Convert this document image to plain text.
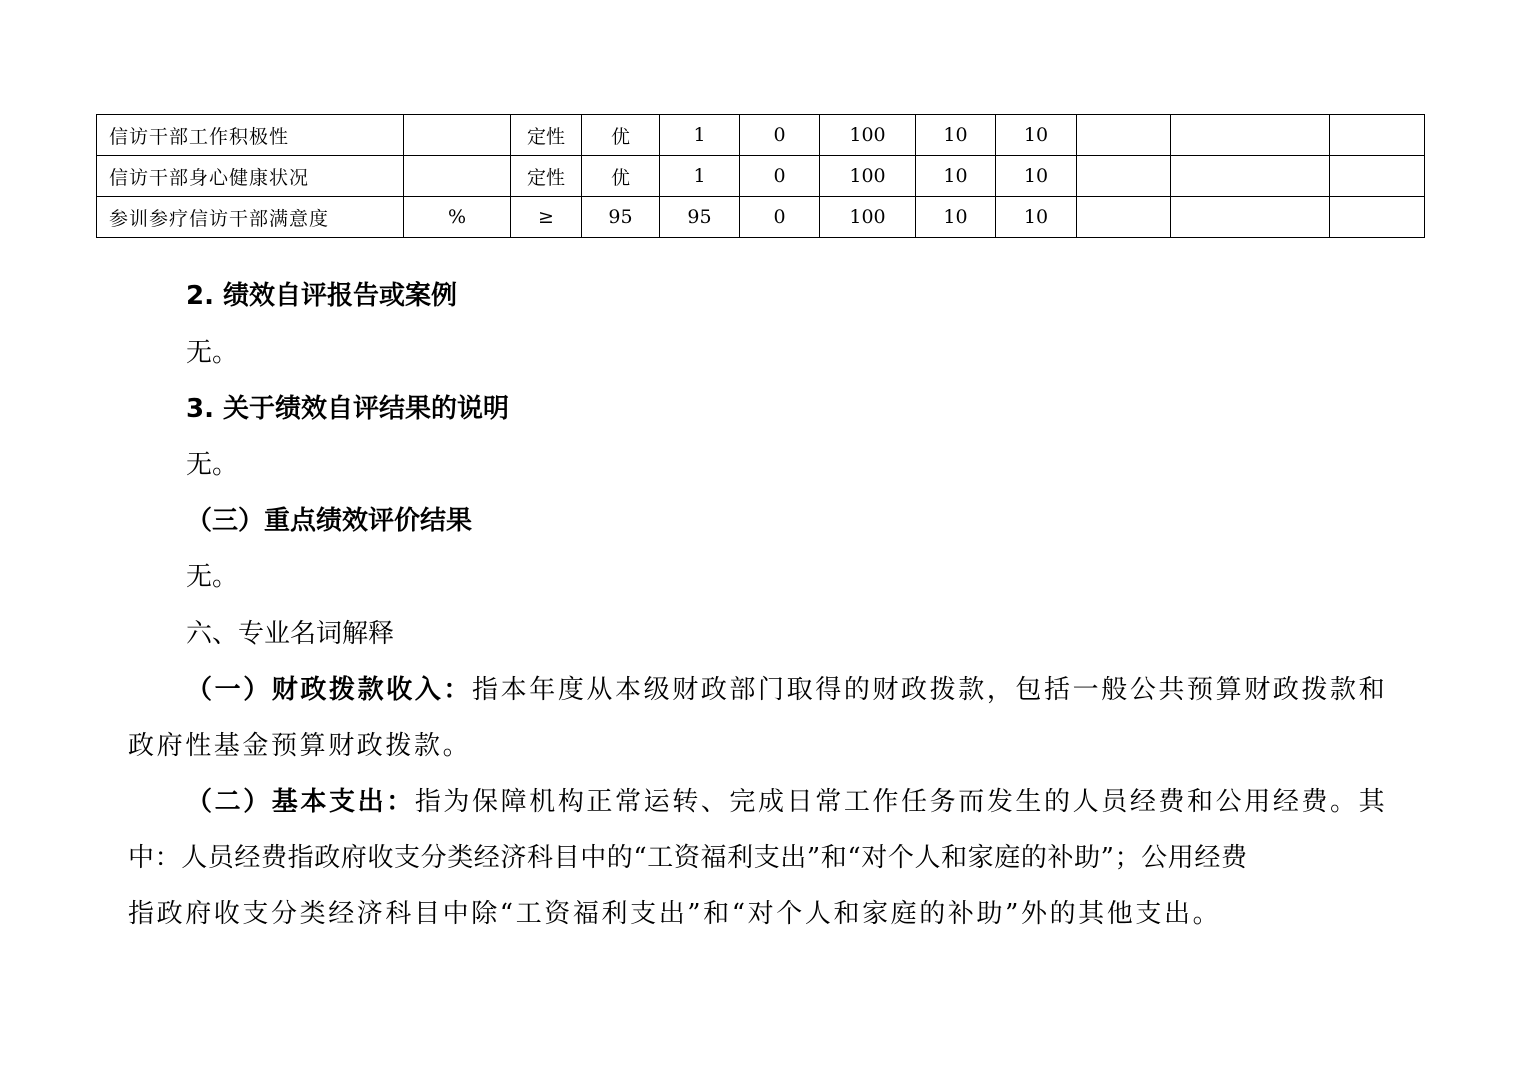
信访干部工作积极性		定性	优	1	0	100	10	10			
信访干部身心健康状况		定性	优	1	0	100	10	10			
参训参疗信访干部满意度	%	≥	95	95	0	100	10	10			
2. 绩效自评报告或案例
无。
3. 关于绩效自评结果的说明
无。
（三）重点绩效评价结果
无。
六、专业名词解释
（一）财政拨款收入：指本年度从本级财政部门取得的财政拨款，包括一般公共预算财政拨款和
政府性基金预算财政拨款。
（二）基本支出：指为保障机构正常运转、完成日常工作任务而发生的人员经费和公用经费。其
中：人员经费指政府收支分类经济科目中的“工资福利支出”和“对个人和家庭的补助”；公用经费
指政府收支分类经济科目中除“工资福利支出”和“对个人和家庭的补助”外的其他支出。
